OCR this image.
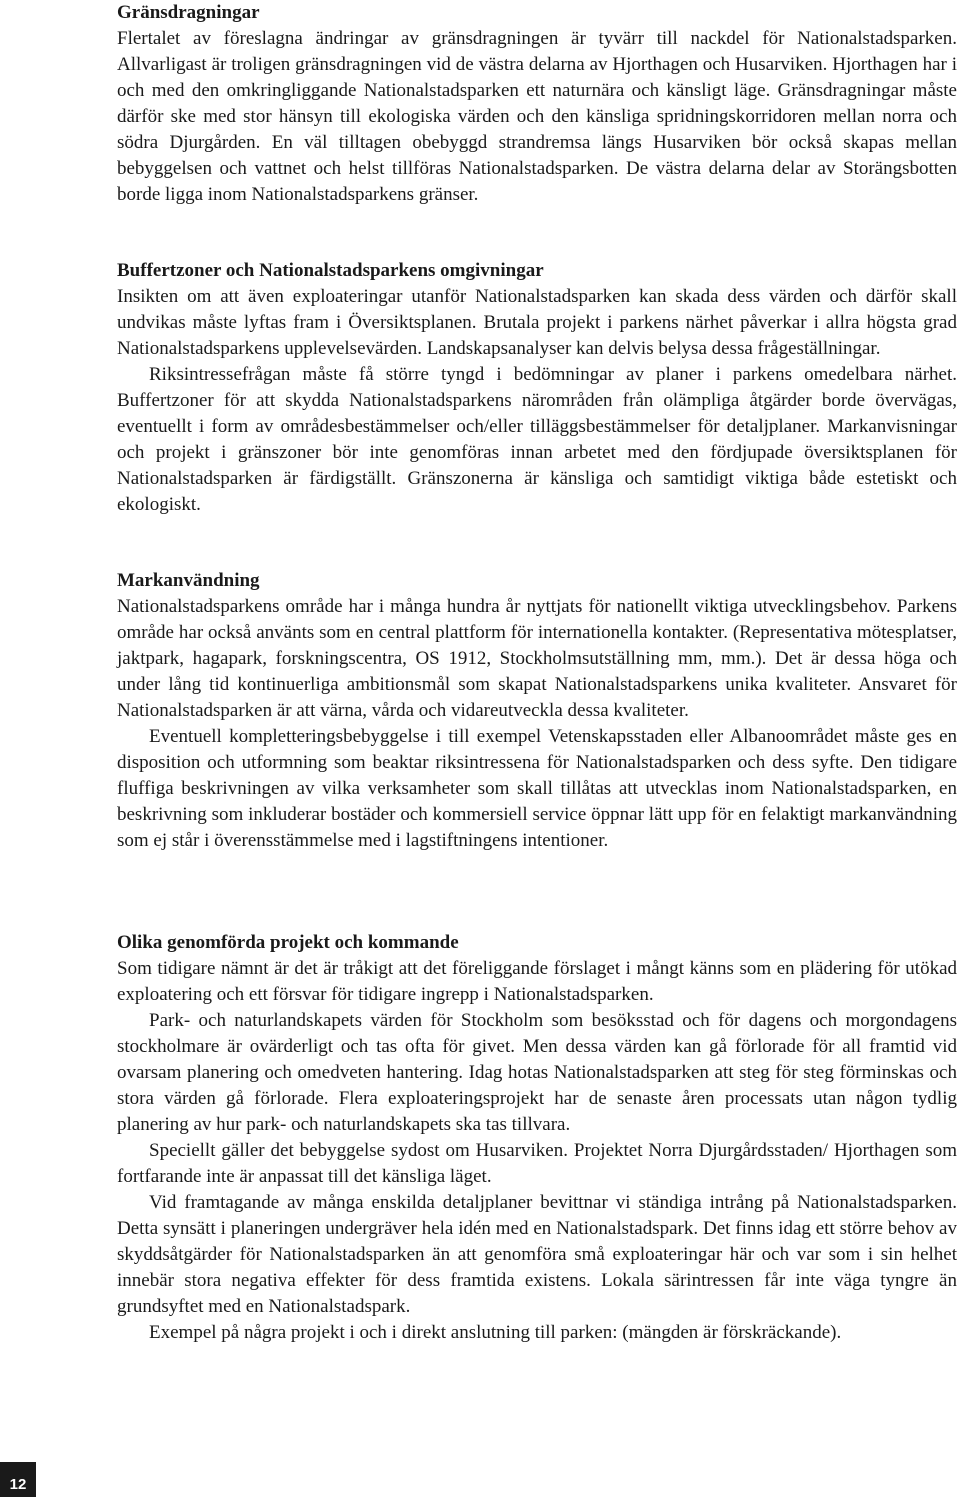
Gränsdragningar

Flertalet av föreslagna ändringar av gränsdragningen är tyvärr till nackdel för Nationalstadsparken. Allvarligast är troligen gränsdragningen vid de västra delarna av Hjorthagen och Husarviken. Hjorthagen har i och med den omkringliggande Nationalstadsparken ett naturnära och känsligt läge. Gränsdragningar måste därför ske med stor hänsyn till ekologiska värden och den känsliga spridningskorridoren mellan norra och södra Djurgården. En väl tilltagen obebyggd strandremsa längs Husarviken bör också skapas mellan bebyggelsen och vattnet och helst tillföras Nationalstadsparken. De västra delarna delar av Storängsbotten borde ligga inom Nationalstadsparkens gränser.

Buffertzoner och Nationalstadsparkens omgivningar

Insikten om att även exploateringar utanför Nationalstadsparken kan skada dess värden och därför skall undvikas måste lyftas fram i Översiktsplanen. Brutala projekt i parkens närhet påverkar i allra högsta grad Nationalstadsparkens upplevelsevärden. Landskapsanalyser kan delvis belysa dessa frågeställningar.

Riksintressefrågan måste få större tyngd i bedömningar av planer i parkens omedelbara närhet. Buffertzoner för att skydda Nationalstadsparkens närområden från olämpliga åtgärder borde övervägas, eventuellt i form av områdesbestämmelser och/eller tilläggsbestämmelser för detaljplaner. Markanvisningar och projekt i gränszoner bör inte genomföras innan arbetet med den fördjupade översiktsplanen för Nationalstadsparken är färdigställt. Gränszonerna är känsliga och samtidigt viktiga både estetiskt och ekologiskt.

Markanvändning

Nationalstadsparkens område har i många hundra år nyttjats för nationellt viktiga utvecklingsbehov. Parkens område har också använts som en central plattform för internationella kontakter. (Representativa mötesplatser, jaktpark, hagapark, forskningscentra, OS 1912, Stockholmsutställning mm, mm.). Det är dessa höga och under lång tid kontinuerliga ambitionsmål som skapat Nationalstadsparkens unika kvaliteter. Ansvaret för Nationalstadsparken är att värna, vårda och vidareutveckla dessa kvaliteter.

Eventuell kompletteringsbebyggelse i till exempel Vetenskapsstaden eller Albanoområdet måste ges en disposition och utformning som beaktar riksintressena för Nationalstadsparken och dess syfte. Den tidigare fluffiga beskrivningen av vilka verksamheter som skall tillåtas att utvecklas inom Nationalstadsparken, en beskrivning som inkluderar bostäder och kommersiell service öppnar lätt upp för en felaktigt markanvändning som ej står i överensstämmelse med i lagstiftningens intentioner.

Olika genomförda projekt och kommande

Som tidigare nämnt är det är tråkigt att det föreliggande förslaget i mångt känns som en plädering för utökad exploatering och ett försvar för tidigare ingrepp i Nationalstadsparken.

Park- och naturlandskapets värden för Stockholm som besöksstad och för dagens och morgondagens stockholmare är ovärderligt och tas ofta för givet. Men dessa värden kan gå förlorade för all framtid vid ovarsam planering och omedveten hantering. Idag hotas Nationalstadsparken att steg för steg förminskas och stora värden gå förlorade. Flera exploateringsprojekt har de senaste åren processats utan någon tydlig planering av hur park- och naturlandskapets ska tas tillvara.

Speciellt gäller det bebyggelse sydost om Husarviken. Projektet Norra Djurgårdsstaden/ Hjorthagen som fortfarande inte är anpassat till det känsliga läget.

Vid framtagande av många enskilda detaljplaner bevittnar vi ständiga intrång på Nationalstadsparken. Detta synsätt i planeringen undergräver hela idén med en Nationalstadspark. Det finns idag ett större behov av skyddsåtgärder för Nationalstadsparken än att genomföra små exploateringar här och var som i sin helhet innebär stora negativa effekter för dess framtida existens. Lokala särintressen får inte väga tyngre än grundsyftet med en Nationalstadspark.

Exempel på några projekt i och i direkt anslutning till parken: (mängden är förskräckande).

12
